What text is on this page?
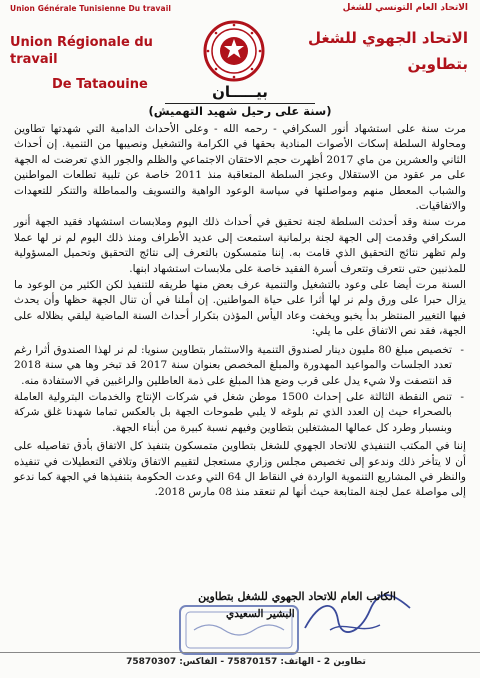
Union Générale Tunisienne Du travail
Union Régionale du travail
De Tataouine
الاتحاد العام التونسي للشغل
الاتحاد الجهوي للشغل
بتطاوين
بيـــــان
(سنة على رحيل شهيد التهميش)

مرت سنة على استشهاد أنور السكرافي - رحمه الله - وعلى الأحداث الدامية التي شهدتها تطاوين ومحاولة السلطة إسكات الأصوات المنادية بحقها في الكرامة والتشغيل ونصيبها من التنمية. إن أحداث الثاني والعشرين من ماي 2017 أظهرت حجم الاحتقان الاجتماعي والظلم والجور الذي تعرضت له الجهة على مر عقود من الاستقلال وعجز السلطة المتعاقبة منذ 2011 خاصة عن تلبية تطلعات المواطنين والشباب المعطل منهم ومواصلتها في سياسة الوعود الواهية والتسويف والمماطلة والتنكر للتعهدات والاتفاقيات.

مرت سنة وقد أحدثت السلطة لجنة تحقيق في أحداث ذلك اليوم وملابسات استشهاد فقيد الجهة أنور السكرافي وقدمت إلى الجهة لجنة برلمانية استمعت إلى عديد الأطراف ومنذ ذلك اليوم لم نر لها عملا ولم تظهر نتائج التحقيق الذي قامت به. إننا متمسكون بالتعرف إلى نتائج التحقيق وتحميل المسؤولية للمذنبين حتى نتعرف وتتعرف أسرة الفقيد خاصة على ملابسات استشهاد ابنها.

السنة مرت أيضا على وعود بالتشغيل والتنمية عرف بعض منها طريقه للتنفيذ لكن الكثير من الوعود ما يزال حبرا على ورق ولم نر لها أثرا على حياة المواطنين. إن أملنا في أن تنال الجهة حظها وأن يحدث فيها التغيير المنتظر بدأ يخبو ويخفت وعاد اليأس المؤذن بتكرار أحداث السنة الماضية ليلقي بظلاله على الجهة، فقد نص الاتفاق على ما يلي:

- تخصيص مبلغ 80 مليون دينار لصندوق التنمية والاستثمار بتطاوين سنويا: لم نر لهذا الصندوق أثرا رغم تعدد الجلسات والمواعيد المهدورة والمبلغ المخصص بعنوان سنة 2017 قد تبخر وها هي سنة 2018 قد انتصفت ولا شيء يدل على قرب وضع هذا المبلغ على ذمة العاطلين والراغبين في الاستفادة منه.

- تنص النقطة الثالثة على إحداث 1500 موطن شغل في شركات الإنتاج والخدمات البترولية العاملة بالصحراء حيث إن العدد الذي تم بلوغه لا يلبي طموحات الجهة بل بالعكس تماما شهدنا غلق شركة وبنسبار وطرد كل عمالها المشتغلين بتطاوين وفيهم نسبة كبيرة من أبناء الجهة.

إننا في المكتب التنفيذي للاتحاد الجهوي للشغل بتطاوين متمسكون بتنفيذ كل الاتفاق بأدق تفاصيله على أن لا يتأخر ذلك وندعو إلى تخصيص مجلس وزاري مستعجل لتقييم الاتفاق وتلافي التعطيلات في تنفيذه والنظر في المشاريع التنموية الواردة في النقاط ال 64 التي وعدت الحكومة بتنفيذها في الجهة كما ندعو إلى مواصلة عمل لجنة المتابعة حيث أنها لم تنعقد منذ 08 مارس 2018.

الكاتب العام للاتحاد الجهوي للشغل بتطاوين
البشير السعيدي
تطاوين 2 - الهاتف: 75870157 - الفاكس: 75870307
